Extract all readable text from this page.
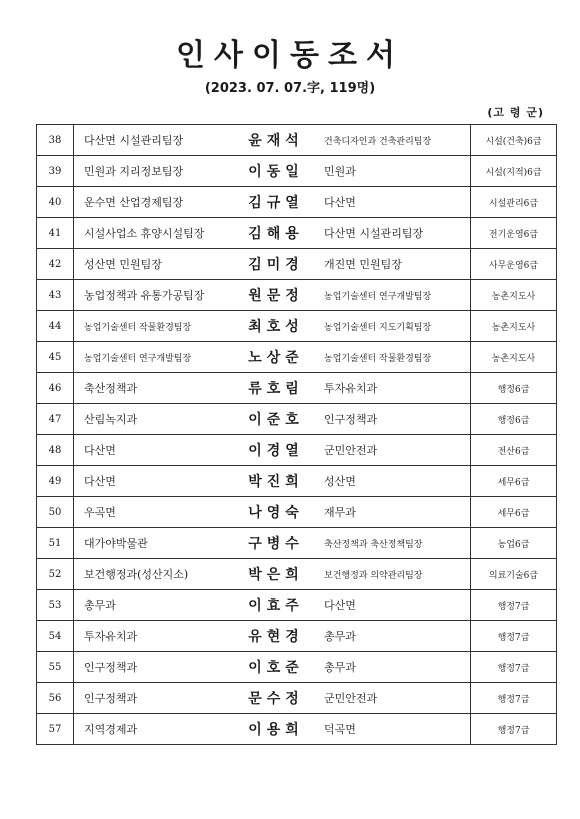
인사이동조서
(2023. 07. 07.字, 119명)
(고 령 군)
38	다산면 시설관리팀장	윤재석	건축디자인과 건축관리팀장	시설(건축)6급
39	민원과 지리정보팀장	이동일	민원과	시설(지적)6급
40	운수면 산업경제팀장	김규열	다산면	시설관리6급
41	시설사업소 휴양시설팀장	김해용	다산면 시설관리팀장	전기운영6급
42	성산면 민원팀장	김미경	개진면 민원팀장	사무운영6급
43	농업정책과 유통가공팀장	원문정	농업기술센터 연구개발팀장	농촌지도사
44	농업기술센터 작물환경팀장	최호성	농업기술센터 지도기획팀장	농촌지도사
45	농업기술센터 연구개발팀장	노상준	농업기술센터 작물환경팀장	농촌지도사
46	축산정책과	류호림	투자유치과	행정6급
47	산림녹지과	이준호	인구정책과	행정6급
48	다산면	이경열	군민안전과	전산6급
49	다산면	박진희	성산면	세무6급
50	우곡면	나영숙	재무과	세무6급
51	대가야박물관	구병수	축산정책과 축산정책팀장	농업6급
52	보건행정과(성산지소)	박은희	보건행정과 의약관리팀장	의료기술6급
53	총무과	이효주	다산면	행정7급
54	투자유치과	유현경	총무과	행정7급
55	인구정책과	이호준	총무과	행정7급
56	인구정책과	문수정	군민안전과	행정7급
57	지역경제과	이용희	덕곡면	행정7급
